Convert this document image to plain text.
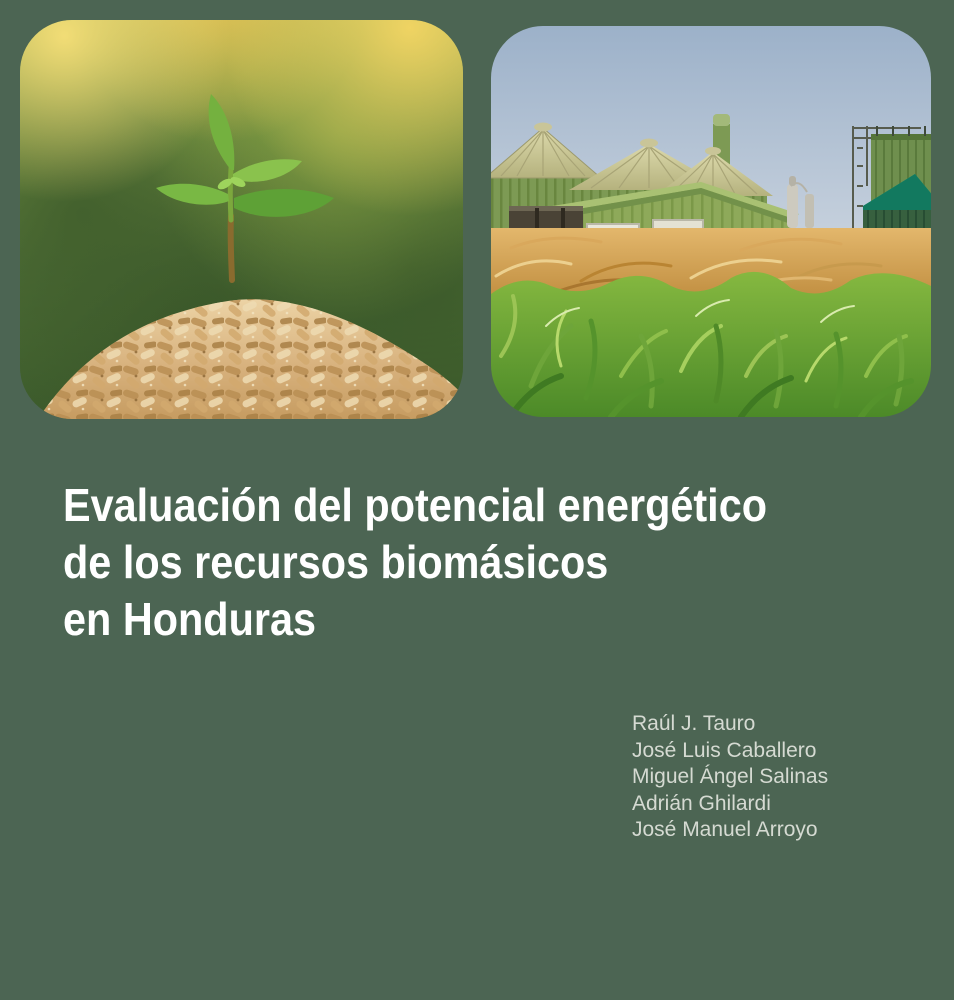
Evaluación del potencial energético
de los recursos biomásicos
en Honduras
Raúl J. Tauro
José Luis Caballero
Miguel Ángel Salinas
Adrián Ghilardi
José Manuel Arroyo
